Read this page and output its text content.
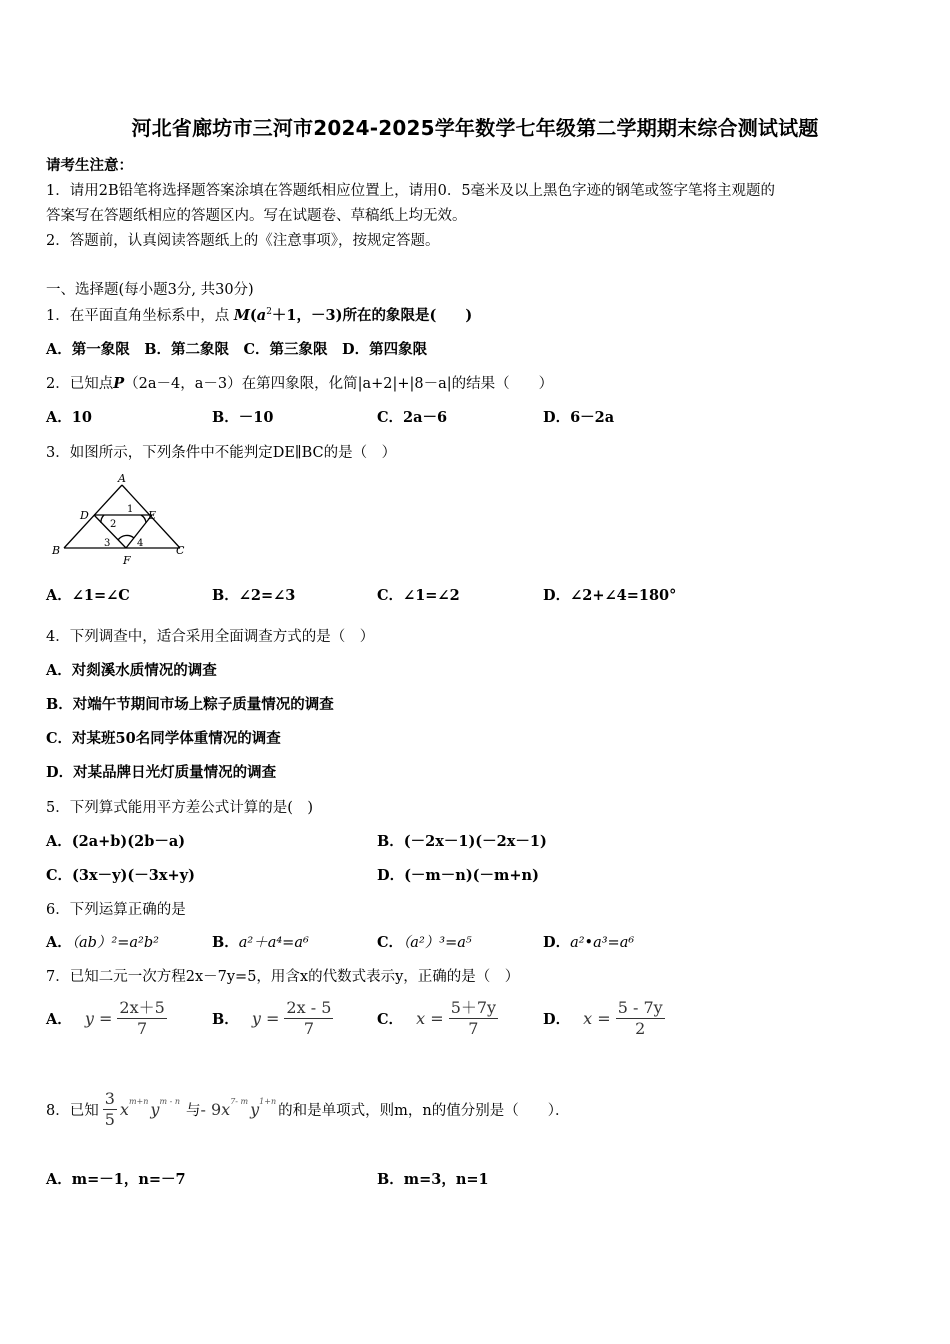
河北省廊坊市三河市2024-2025学年数学七年级第二学期期末综合测试试题
请考生注意：
1．请用2B铅笔将选择题答案涂填在答题纸相应位置上，请用0．5毫米及以上黑色字迹的钢笔或签字笔将主观题的
答案写在答题纸相应的答题区内。写在试题卷、草稿纸上均无效。
2．答题前，认真阅读答题纸上的《注意事项》，按规定答题。
一、选择题(每小题3分, 共30分)
1．在平面直角坐标系中，点 $M(a^2+1$，－3)所在的象限是(　　)
A．第一象限　B．第二象限　C．第三象限　D．第四象限
2．已知点P（2a－4，a－3）在第四象限，化简|a+2|+|8－a|的结果（　　）
A．10	B．－10	C．2a－6	D．6－2a
3．如图所示，下列条件中不能判定DE∥BC的是（　）
A
B	C
D	E
F
1
2
3	4
A．∠1=∠C	B．∠2=∠3	C．∠1=∠2	D．∠2+∠4=180°
4．下列调查中，适合采用全面调查方式的是（　）
A．对剡溪水质情况的调查
B．对端午节期间市场上粽子质量情况的调查
C．对某班50名同学体重情况的调查
D．对某品牌日光灯质量情况的调查
5．下列算式能用平方差公式计算的是(　)
A．(2a+b)(2b－a)	B．(－2x－1)(－2x－1)
C．(3x－y)(－3x+y)	D．(－m－n)(－m+n)
6．下列运算正确的是
A．（ab）²=a²b²	B．a²＋a⁴=a⁶	C．（a²）³=a⁵	D．a²•a³=a⁶
7．已知二元一次方程2x－7y=5，用含x的代数式表示y，正确的是（　）
A． $y = \frac{2x+5}{7}$	B． $y = \frac{2x - 5}{7}$	C． $x = \frac{5+7y}{7}$	D． $x = \frac{5 - 7y}{2}$
8．已知 $\frac{3}{5}$ x m+n y m - n
与 - 9 x 7- m y 1+n
的和是单项式，则m，n的值分别是（　　）．
A．m=－1，n=－7	B．m=3，n=1
